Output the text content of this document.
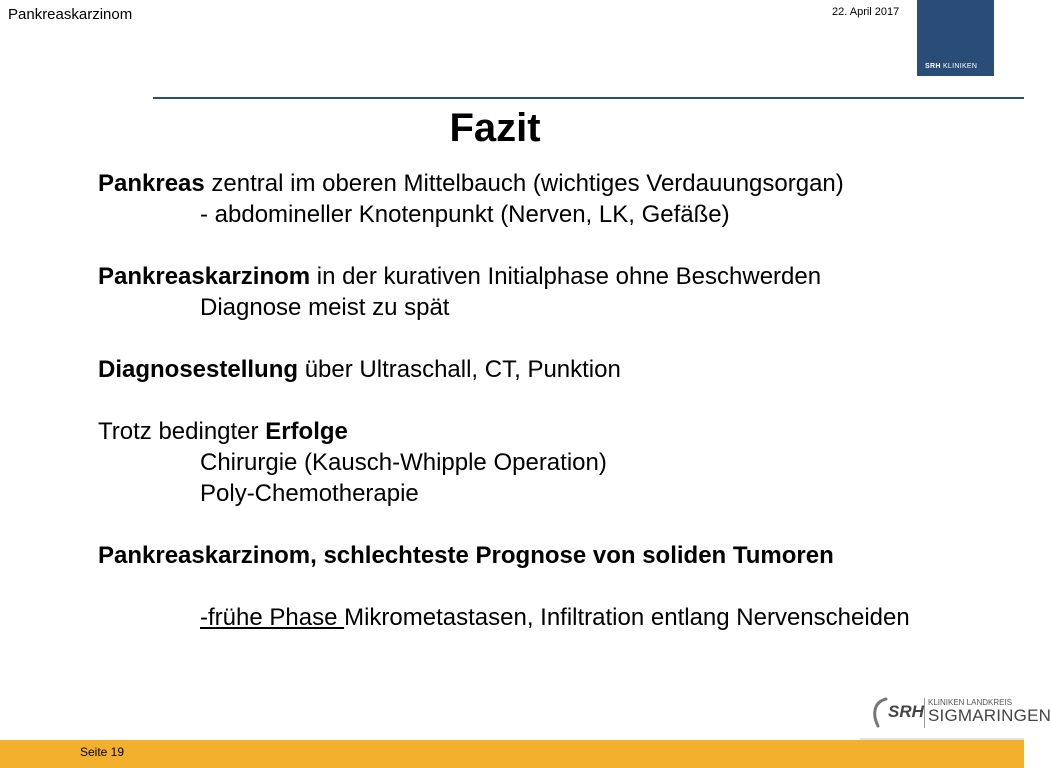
Pankreaskarzinom	22. April 2017
SRH KLINIKEN
Fazit
Pankreas zentral im oberen Mittelbauch (wichtiges Verdauungsorgan)
- abdomineller Knotenpunkt (Nerven, LK, Gefäße)
Pankreaskarzinom in der kurativen Initialphase ohne Beschwerden
Diagnose meist zu spät
Diagnosestellung über Ultraschall, CT, Punktion
Trotz bedingter Erfolge
Chirurgie (Kausch-Whipple Operation)
Poly-Chemotherapie
Pankreaskarzinom, schlechteste Prognose von soliden Tumoren
-frühe Phase Mikrometastasen, Infiltration entlang Nervenscheiden
SRH KLINIKEN LANDKREIS
SIGMARINGEN
Seite 19
